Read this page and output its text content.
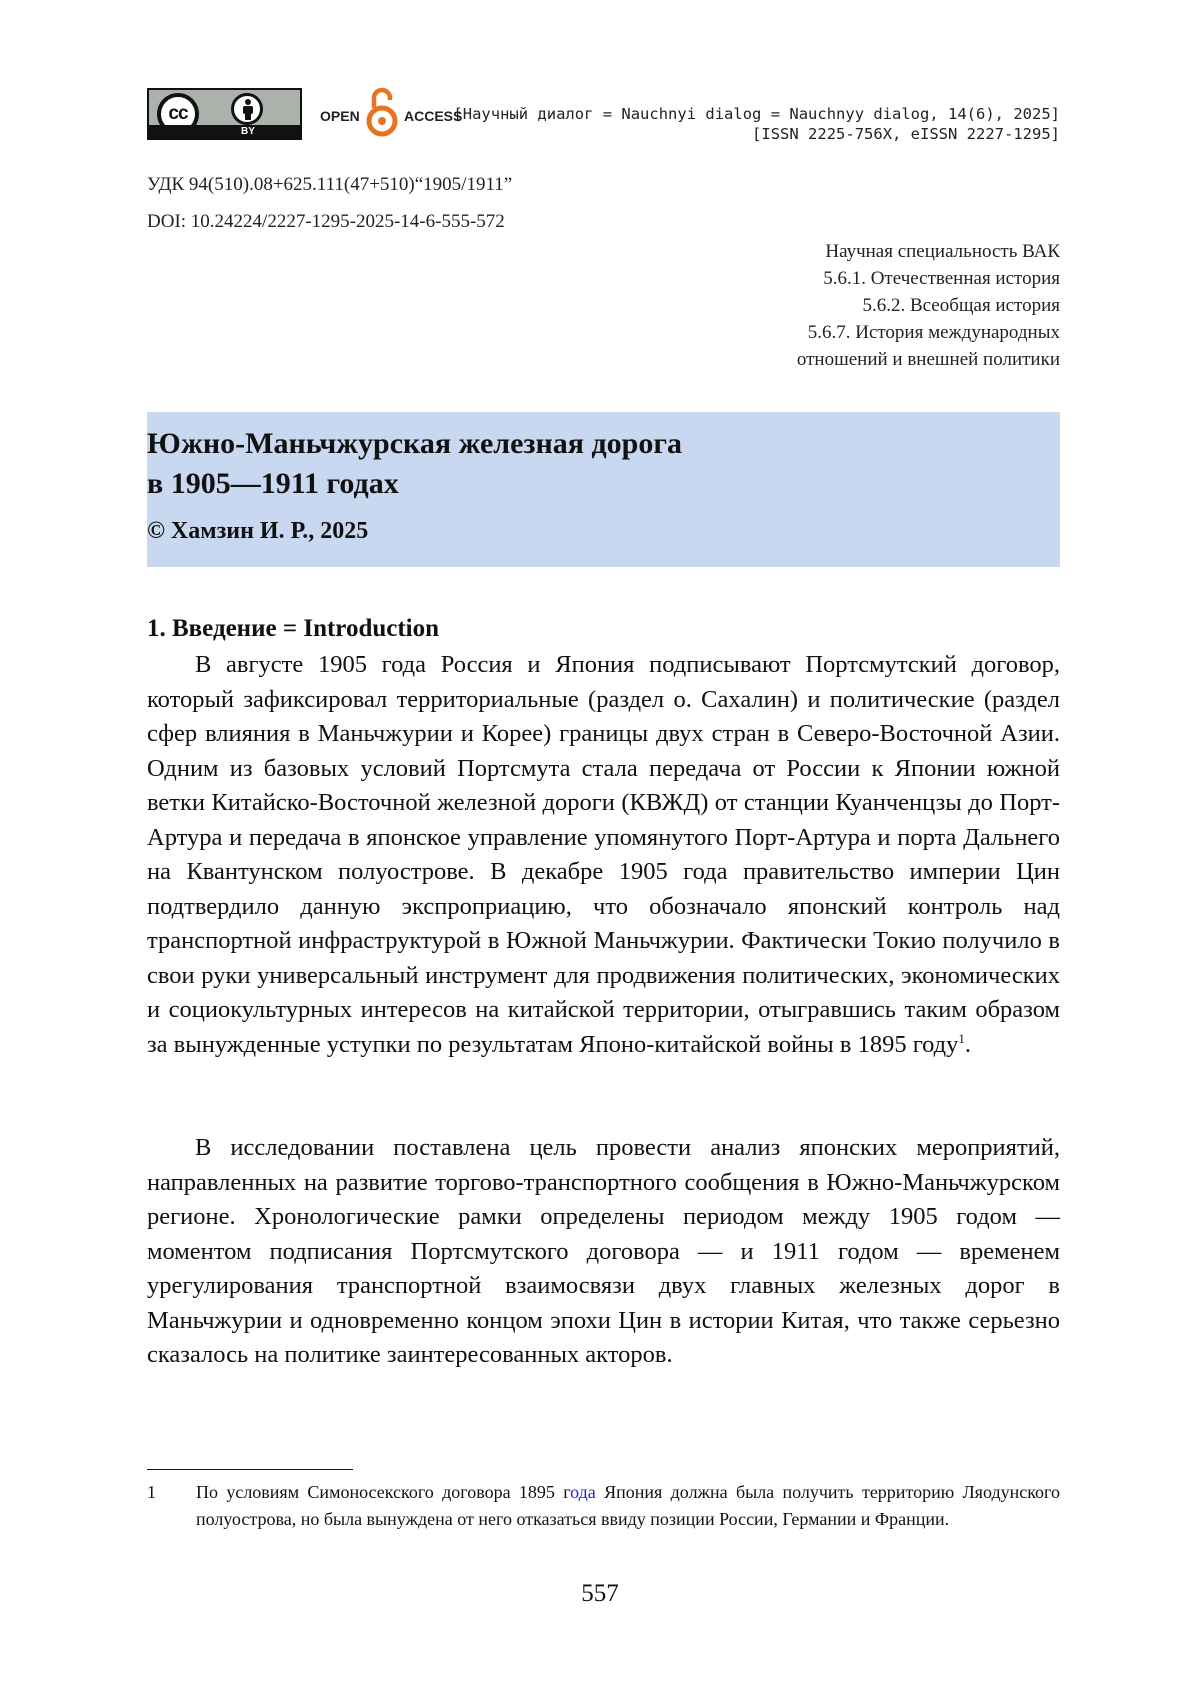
cc
BY
OPEN	ACCESS
[Научный диалог = Nauchnyi dialog = Nauchnyy dialog, 14(6), 2025]
[ISSN 2225-756X, eISSN 2227-1295]
УДК 94(510).08+625.111(47+510)“1905/1911”
DOI: 10.24224/2227-1295-2025-14-6-555-572
Научная специальность ВАК
5.6.1. Отечественная история
5.6.2. Всеобщая история
5.6.7. История международных
отношений и внешней политики
Южно-Маньчжурская железная дорога
в 1905—1911 годах
© Хамзин И. Р., 2025
1. Введение = Introduction
В августе 1905 года Россия и Япония подписывают Портсмутский договор, который зафиксировал территориальные (раздел о. Сахалин) и политические (раздел сфер влияния в Маньчжурии и Корее) границы двух стран в Северо-Восточной Азии. Одним из базовых условий Портсмута стала передача от России к Японии южной ветки Китайско-Восточной железной дороги (КВЖД) от станции Куанченцзы до Порт-Артура и передача в японское управление упомянутого Порт-Артура и порта Дальнего на Квантунском полуострове. В декабре 1905 года правительство империи Цин подтвердило данную экспроприацию, что обозначало японский контроль над транспортной инфраструктурой в Южной Маньчжурии. Фактически Токио получило в свои руки универсальный инструмент для продвижения политических, экономических и социокультурных интересов на китайской территории, отыгравшись таким образом за вынужденные уступки по результатам Японо-китайской войны в 1895 году$^1$.
В исследовании поставлена цель провести анализ японских мероприятий, направленных на развитие торгово-транспортного сообщения в Южно-Маньчжурском регионе. Хронологические рамки определены периодом между 1905 годом — моментом подписания Портсмутского договора — и 1911 годом — временем урегулирования транспортной взаимосвязи двух главных железных дорог в Маньчжурии и одновременно концом эпохи Цин в истории Китая, что также серьезно сказалось на политике заинтересованных акторов.
1 По условиям Симоносекского договора 1895 года Япония должна была получить территорию Ляодунского полуострова, но была вынуждена от него отказаться ввиду позиции России, Германии и Франции.
557
